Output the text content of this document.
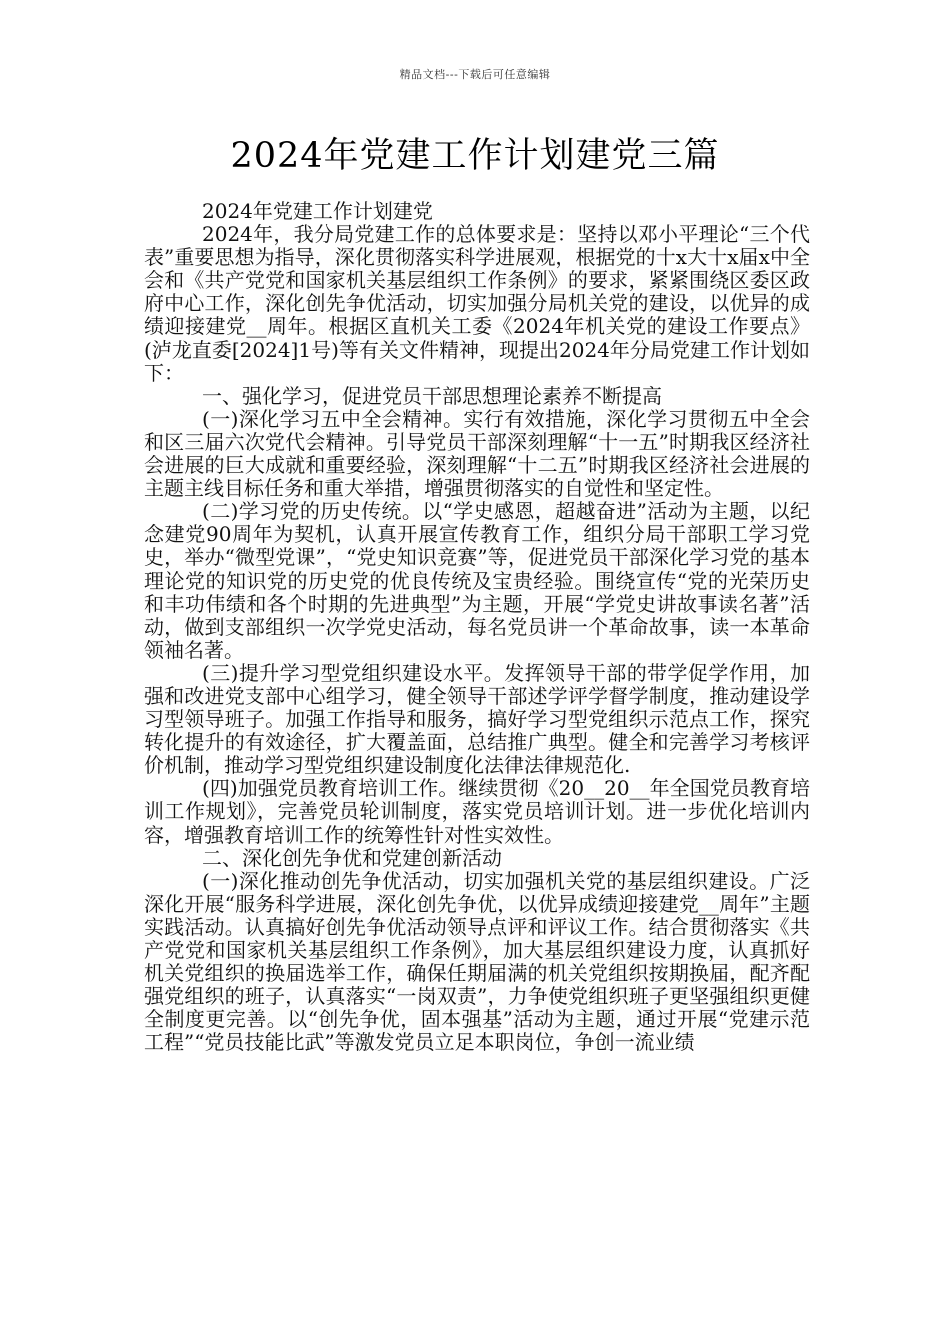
精品文档---下载后可任意编辑
2024年党建工作计划建党三篇

2024年党建工作计划建党

2024年，我分局党建工作的总体要求是：坚持以邓小平理论“三个代表”重要思想为指导，深化贯彻落实科学进展观，根据党的十x大十x届x中全会和《共产党党和国家机关基层组织工作条例》的要求，紧紧围绕区委区政府中心工作，深化创先争优活动，切实加强分局机关党的建设，以优异的成绩迎接建党__周年。根据区直机关工委《2024年机关党的建设工作要点》(泸龙直委[2024]1号)等有关文件精神，现提出2024年分局党建工作计划如下：

一、强化学习，促进党员干部思想理论素养不断提高

(一)深化学习五中全会精神。实行有效措施，深化学习贯彻五中全会和区三届六次党代会精神。引导党员干部深刻理解“十一五”时期我区经济社会进展的巨大成就和重要经验，深刻理解“十二五”时期我区经济社会进展的主题主线目标任务和重大举措，增强贯彻落实的自觉性和坚定性。

(二)学习党的历史传统。以“学史感恩，超越奋进”活动为主题，以纪念建党90周年为契机，认真开展宣传教育工作，组织分局干部职工学习党史，举办“微型党课”，“党史知识竞赛”等，促进党员干部深化学习党的基本理论党的知识党的历史党的优良传统及宝贵经验。围绕宣传“党的光荣历史和丰功伟绩和各个时期的先进典型”为主题，开展“学党史讲故事读名著”活动，做到支部组织一次学党史活动，每名党员讲一个革命故事，读一本革命领袖名著。

(三)提升学习型党组织建设水平。发挥领导干部的带学促学作用，加强和改进党支部中心组学习，健全领导干部述学评学督学制度，推动建设学习型领导班子。加强工作指导和服务，搞好学习型党组织示范点工作，探究转化提升的有效途径，扩大覆盖面，总结推广典型。健全和完善学习考核评价机制，推动学习型党组织建设制度化法律法律规范化.

(四)加强党员教育培训工作。继续贯彻《20__20__年全国党员教育培训工作规划》，完善党员轮训制度，落实党员培训计划。进一步优化培训内容，增强教育培训工作的统筹性针对性实效性。

二、深化创先争优和党建创新活动

(一)深化推动创先争优活动，切实加强机关党的基层组织建设。广泛深化开展“服务科学进展，深化创先争优，以优异成绩迎接建党__周年”主题实践活动。认真搞好创先争优活动领导点评和评议工作。结合贯彻落实《共产党党和国家机关基层组织工作条例》，加大基层组织建设力度，认真抓好机关党组织的换届选举工作，确保任期届满的机关党组织按期换届，配齐配强党组织的班子，认真落实“一岗双责”，力争使党组织班子更坚强组织更健全制度更完善。以“创先争优，固本强基”活动为主题，通过开展“党建示范工程”“党员技能比武”等激发党员立足本职岗位，争创一流业绩
